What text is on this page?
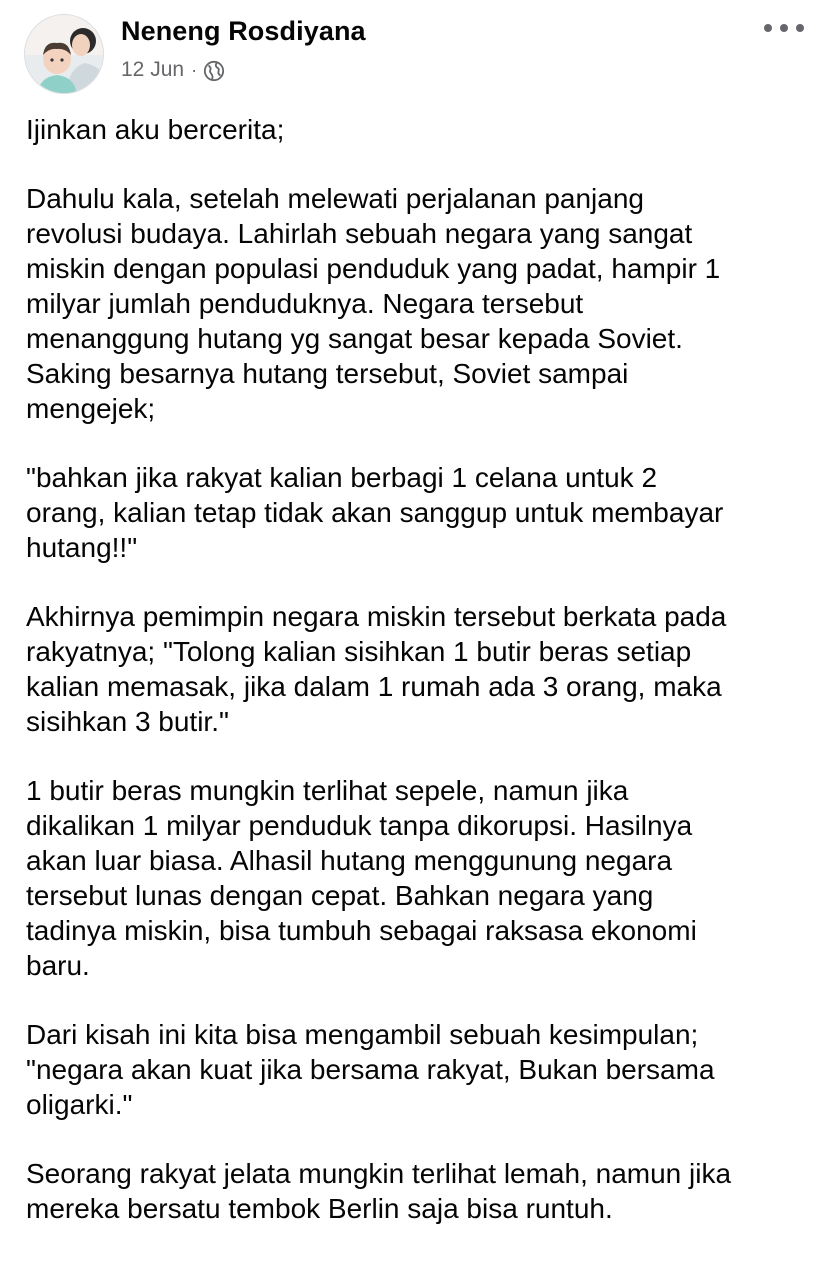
Neneng Rosdiyana
12 Jun ·

Ijinkan aku bercerita;

Dahulu kala, setelah melewati perjalanan panjang
revolusi budaya. Lahirlah sebuah negara yang sangat
miskin dengan populasi penduduk yang padat, hampir 1
milyar jumlah penduduknya. Negara tersebut
menanggung hutang yg sangat besar kepada Soviet.
Saking besarnya hutang tersebut, Soviet sampai
mengejek;

"bahkan jika rakyat kalian berbagi 1 celana untuk 2
orang, kalian tetap tidak akan sanggup untuk membayar
hutang!!"

Akhirnya pemimpin negara miskin tersebut berkata pada
rakyatnya; "Tolong kalian sisihkan 1 butir beras setiap
kalian memasak, jika dalam 1 rumah ada 3 orang, maka
sisihkan 3 butir."

1 butir beras mungkin terlihat sepele, namun jika
dikalikan 1 milyar penduduk tanpa dikorupsi. Hasilnya
akan luar biasa. Alhasil hutang menggunung negara
tersebut lunas dengan cepat. Bahkan negara yang
tadinya miskin, bisa tumbuh sebagai raksasa ekonomi
baru.

Dari kisah ini kita bisa mengambil sebuah kesimpulan;
"negara akan kuat jika bersama rakyat, Bukan bersama
oligarki."

Seorang rakyat jelata mungkin terlihat lemah, namun jika
mereka bersatu tembok Berlin saja bisa runtuh.
